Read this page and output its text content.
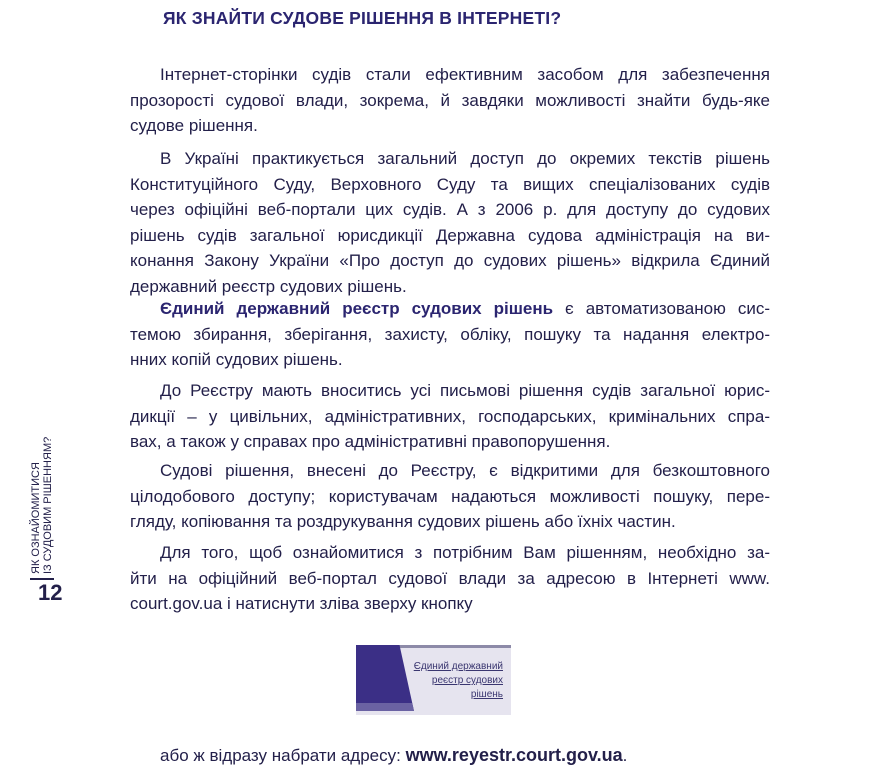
ЯК ЗНАЙТИ СУДОВЕ РІШЕННЯ В ІНТЕРНЕТІ?
ЯК ОЗНАЙОМИТИСЯ ІЗ СУДОВИМ РІШЕННЯМ?
12
Інтернет-сторінки судів стали ефективним засобом для забезпечення
прозорості судової влади, зокрема, й завдяки можливості знайти будь-яке
судове рішення.
В Україні практикується загальний доступ до окремих текстів рішень
Конституційного Суду, Верховного Суду та вищих спеціалізованих судів
через офіційні веб-портали цих судів. А з 2006 р. для доступу до судових
рішень судів загальної юрисдикції Державна судова адміністрація на ви-
конання Закону України «Про доступ до судових рішень» відкрила Єдиний
державний реєстр судових рішень.
Єдиний державний реєстр судових рішень є автоматизованою сис-
темою збирання, зберігання, захисту, обліку, пошуку та надання електро-
нних копій судових рішень.
До Реєстру мають вноситись усі письмові рішення судів загальної юрис-
дикції – у цивільних, адміністративних, господарських, кримінальних спра-
вах, а також у справах про адміністративні правопорушення.
Судові рішення, внесені до Реєстру, є відкритими для безкоштовного
цілодобового доступу; користувачам надаються можливості пошуку, пере-
гляду, копіювання та роздрукування судових рішень або їхніх частин.
Для того, щоб ознайомитися з потрібним Вам рішенням, необхідно за-
йти на офіційний веб-портал судової влади за адресою в Інтернеті www.
court.gov.ua і натиснути зліва зверху кнопку
Єдиний державний
реєстр судових
рішень
або ж відразу набрати адресу: www.reyestr.court.gov.ua.
